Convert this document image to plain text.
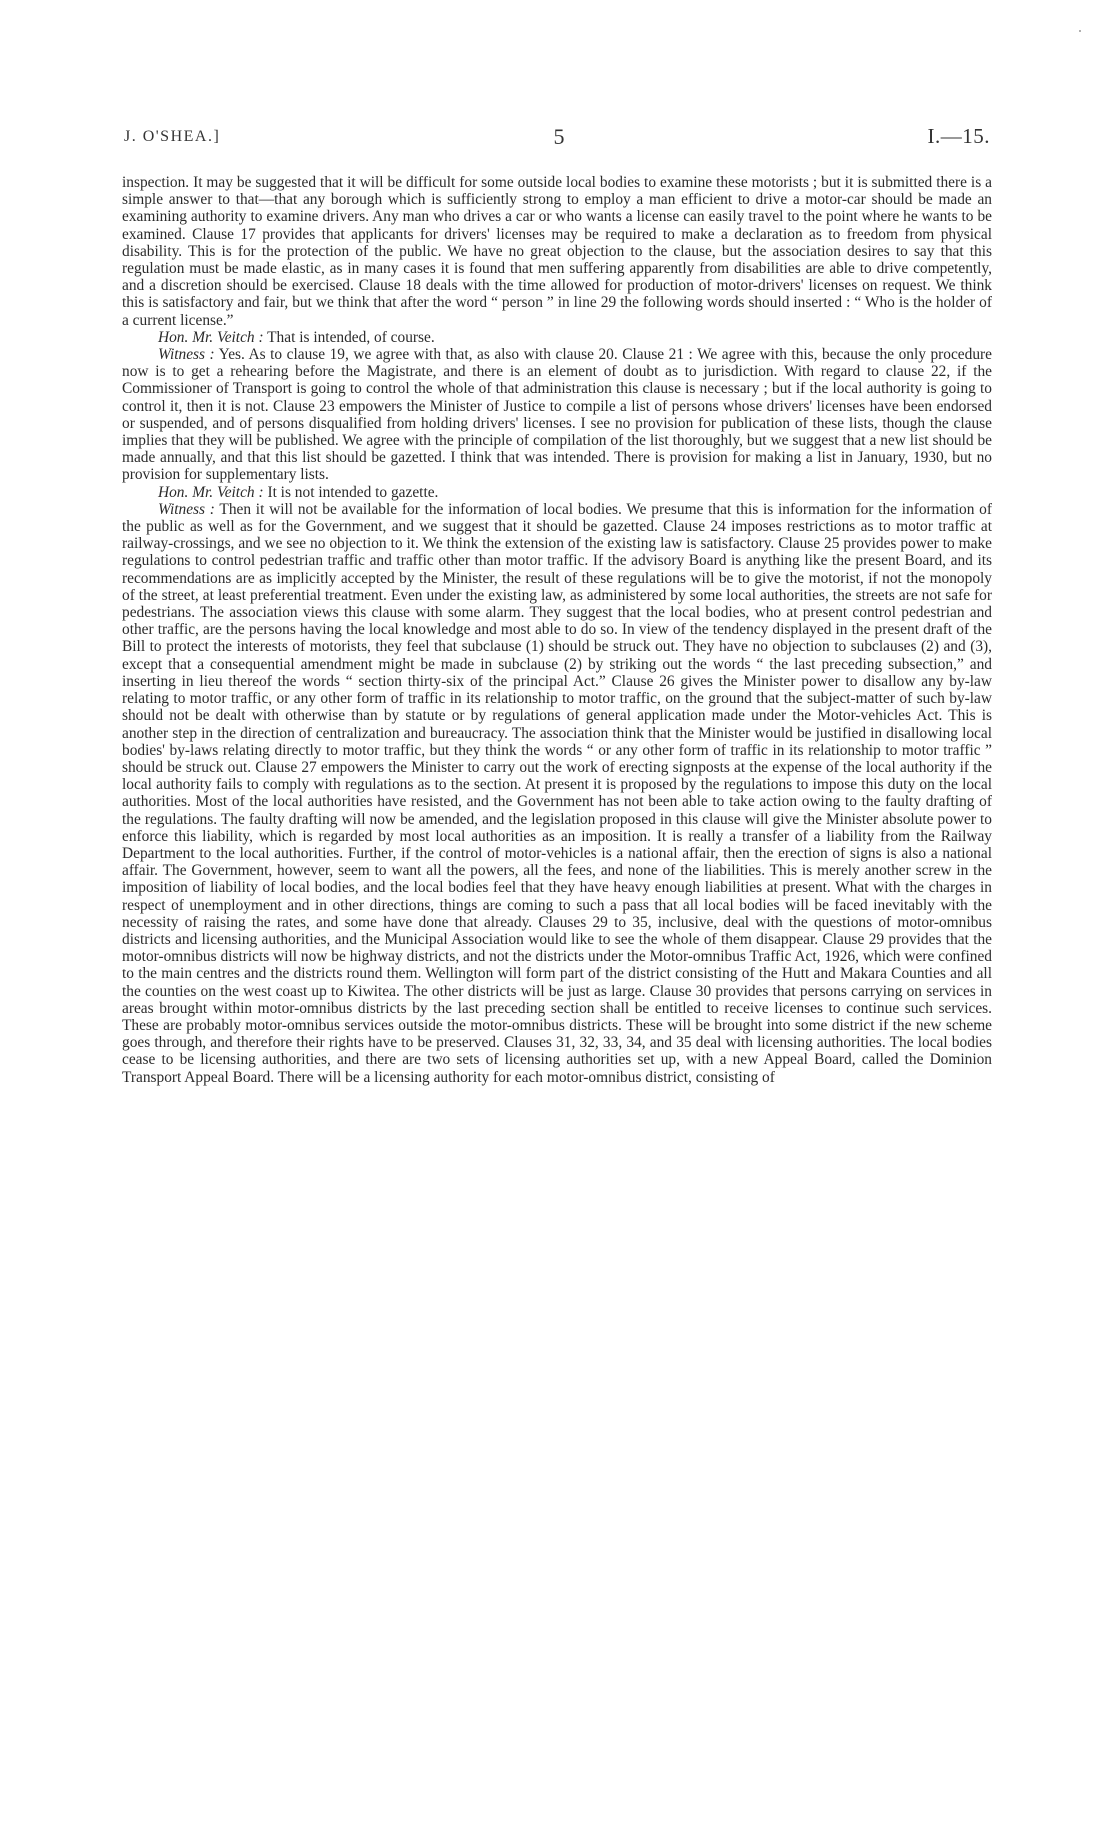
J. O'SHEA.]	5	I.—15.

inspection. It may be suggested that it will be difficult for some outside local bodies to examine these motorists ; but it is submitted there is a simple answer to that—that any borough which is sufficiently strong to employ a man efficient to drive a motor-car should be made an examining authority to examine drivers. Any man who drives a car or who wants a license can easily travel to the point where he wants to be examined. Clause 17 provides that applicants for drivers' licenses may be required to make a declaration as to freedom from physical disability. This is for the protection of the public. We have no great objection to the clause, but the association desires to say that this regulation must be made elastic, as in many cases it is found that men suffering apparently from disabilities are able to drive competently, and a discretion should be exercised. Clause 18 deals with the time allowed for production of motor-drivers' licenses on request. We think this is satisfactory and fair, but we think that after the word “ person ” in line 29 the following words should inserted : “ Who is the holder of a current license.”

Hon. Mr. Veitch : That is intended, of course.

Witness : Yes. As to clause 19, we agree with that, as also with clause 20. Clause 21 : We agree with this, because the only procedure now is to get a rehearing before the Magistrate, and there is an element of doubt as to jurisdiction. With regard to clause 22, if the Commissioner of Transport is going to control the whole of that administration this clause is necessary ; but if the local authority is going to control it, then it is not. Clause 23 empowers the Minister of Justice to compile a list of persons whose drivers' licenses have been endorsed or suspended, and of persons disqualified from holding drivers' licenses. I see no provision for publication of these lists, though the clause implies that they will be published. We agree with the principle of compilation of the list thoroughly, but we suggest that a new list should be made annually, and that this list should be gazetted. I think that was intended. There is provision for making a list in January, 1930, but no provision for supplementary lists.

Hon. Mr. Veitch : It is not intended to gazette.

Witness : Then it will not be available for the information of local bodies. We presume that this is information for the information of the public as well as for the Government, and we suggest that it should be gazetted. Clause 24 imposes restrictions as to motor traffic at railway-crossings, and we see no objection to it. We think the extension of the existing law is satisfactory. Clause 25 provides power to make regulations to control pedestrian traffic and traffic other than motor traffic. If the advisory Board is anything like the present Board, and its recommendations are as implicitly accepted by the Minister, the result of these regulations will be to give the motorist, if not the monopoly of the street, at least preferential treatment. Even under the existing law, as administered by some local authorities, the streets are not safe for pedestrians. The association views this clause with some alarm. They suggest that the local bodies, who at present control pedestrian and other traffic, are the persons having the local knowledge and most able to do so. In view of the tendency displayed in the present draft of the Bill to protect the interests of motorists, they feel that subclause (1) should be struck out. They have no objection to subclauses (2) and (3), except that a consequential amendment might be made in subclause (2) by striking out the words “ the last preceding subsection,” and inserting in lieu thereof the words “ section thirty-six of the principal Act.” Clause 26 gives the Minister power to disallow any by-law relating to motor traffic, or any other form of traffic in its relationship to motor traffic, on the ground that the subject-matter of such by-law should not be dealt with otherwise than by statute or by regulations of general application made under the Motor-vehicles Act. This is another step in the direction of centralization and bureaucracy. The association think that the Minister would be justified in disallowing local bodies' by-laws relating directly to motor traffic, but they think the words “ or any other form of traffic in its relationship to motor traffic ” should be struck out. Clause 27 empowers the Minister to carry out the work of erecting signposts at the expense of the local authority if the local authority fails to comply with regulations as to the section. At present it is proposed by the regulations to impose this duty on the local authorities. Most of the local authorities have resisted, and the Government has not been able to take action owing to the faulty drafting of the regulations. The faulty drafting will now be amended, and the legislation proposed in this clause will give the Minister absolute power to enforce this liability, which is regarded by most local authorities as an imposition. It is really a transfer of a liability from the Railway Department to the local authorities. Further, if the control of motor-vehicles is a national affair, then the erection of signs is also a national affair. The Government, however, seem to want all the powers, all the fees, and none of the liabilities. This is merely another screw in the imposition of liability of local bodies, and the local bodies feel that they have heavy enough liabilities at present. What with the charges in respect of unemployment and in other directions, things are coming to such a pass that all local bodies will be faced inevitably with the necessity of raising the rates, and some have done that already. Clauses 29 to 35, inclusive, deal with the questions of motor-omnibus districts and licensing authorities, and the Municipal Association would like to see the whole of them disappear. Clause 29 provides that the motor-omnibus districts will now be highway districts, and not the districts under the Motor-omnibus Traffic Act, 1926, which were confined to the main centres and the districts round them. Wellington will form part of the district consisting of the Hutt and Makara Counties and all the counties on the west coast up to Kiwitea. The other districts will be just as large. Clause 30 provides that persons carrying on services in areas brought within motor-omnibus districts by the last preceding section shall be entitled to receive licenses to continue such services. These are probably motor-omnibus services outside the motor-omnibus districts. These will be brought into some district if the new scheme goes through, and therefore their rights have to be preserved. Clauses 31, 32, 33, 34, and 35 deal with licensing authorities. The local bodies cease to be licensing authorities, and there are two sets of licensing authorities set up, with a new Appeal Board, called the Dominion Transport Appeal Board. There will be a licensing authority for each motor-omnibus district, consisting of
